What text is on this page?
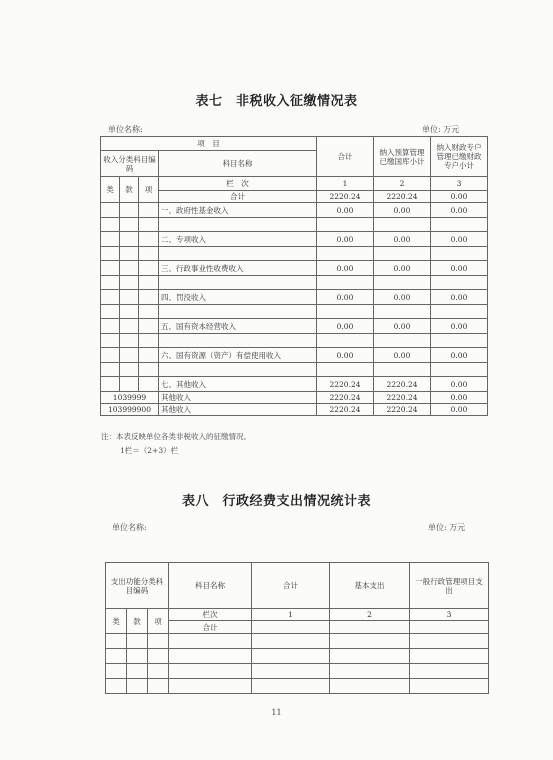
表七　非税收入征缴情况表
单位名称:	单位: 万元
项　目				合计	纳入预算管理已缴国库小计	纳入财政专户管理已缴财政专户小计
收入分类科目编码			科目名称			

类	款	项	栏　次	1	2	3
			合计	2220.24	2220.24	0.00
			一、政府性基金收入	0.00	0.00	0.00

			二、专项收入	0.00	0.00	0.00

			三、行政事业性收费收入	0.00	0.00	0.00

			四、罚没收入	0.00	0.00	0.00

			五、国有资本经营收入	0.00	0.00	0.00

			六、国有资源（资产）有偿使用收入	0.00	0.00	0.00

			七、其他收入	2220.24	2220.24	0.00
1039999			其他收入	2220.24	2220.24	0.00
103999900			其他收入	2220.24	2220.24	0.00
注：本表反映单位各类非税收入的征缴情况。
1栏＝（2+3）栏
表八　行政经费支出情况统计表
单位名称:	单位: 万元
支出功能分类科目编码			科目名称	合计	基本支出	一般行政管理项目支出
类	款	项	栏次	1	2	3
			合计			

11
